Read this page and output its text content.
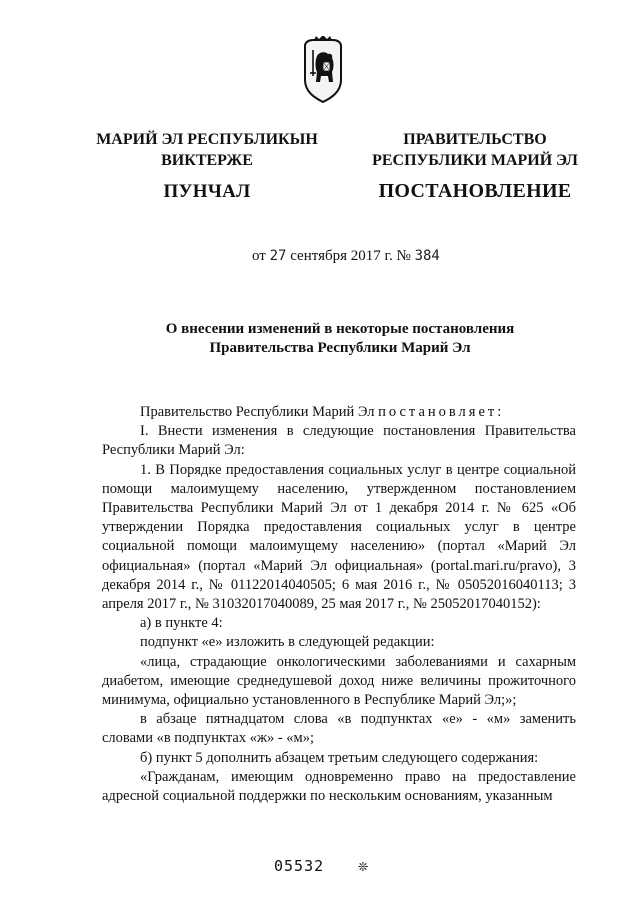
МАРИЙ ЭЛ РЕСПУБЛИКЫН
ВИКТЕРЖЕ
ПУНЧАЛ
ПРАВИТЕЛЬСТВО
РЕСПУБЛИКИ МАРИЙ ЭЛ
ПОСТАНОВЛЕНИЕ
от 27 сентября 2017 г. № 384
О внесении изменений в некоторые постановления
Правительства Республики Марий Эл

Правительство Республики Марий Эл постановляет:

I. Внести изменения в следующие постановления Правительства Республики Марий Эл:

1. В Порядке предоставления социальных услуг в центре социальной помощи малоимущему населению, утвержденном постановлением Правительства Республики Марий Эл от 1 декабря 2014 г. № 625 «Об утверждении Порядка предоставления социальных услуг в центре социальной помощи малоимущему населению» (портал «Марий Эл официальная» (портал «Марий Эл официальная» (portal.mari.ru/pravo), 3 декабря 2014 г., № 01122014040505; 6 мая 2016 г., № 05052016040113; 3 апреля 2017 г., № 31032017040089, 25 мая 2017 г., № 25052017040152):

а) в пункте 4:

подпункт «е» изложить в следующей редакции:

«лица, страдающие онкологическими заболеваниями и сахарным диабетом, имеющие среднедушевой доход ниже величины прожиточного минимума, официально установленного в Республике Марий Эл;»;

в абзаце пятнадцатом слова «в подпунктах «е» - «м» заменить словами «в подпунктах «ж» - «м»;

б) пункт 5 дополнить абзацем третьим следующего содержания:

«Гражданам, имеющим одновременно право на предоставление адресной социальной поддержки по нескольким основаниям, указанным

05532 ❊
